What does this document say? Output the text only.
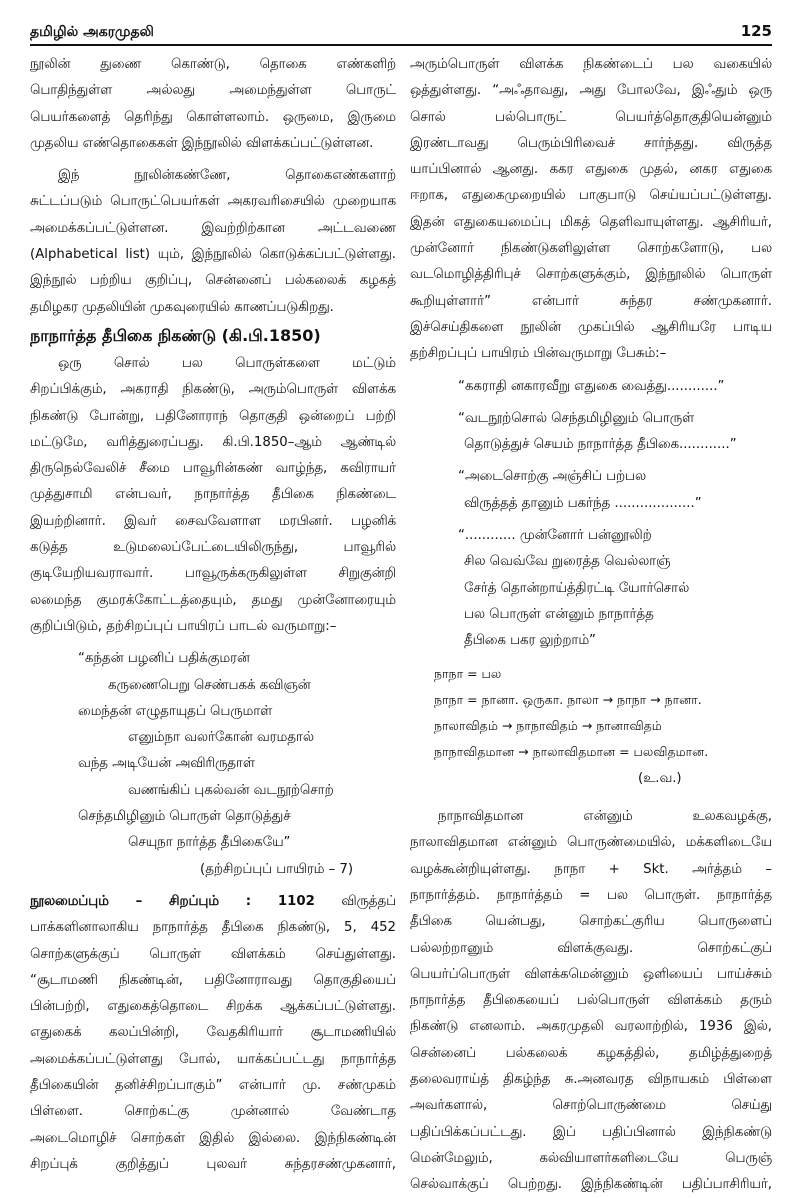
தமிழில் அகரமுதலி	125

நூலின் துணை கொண்டு, தொகை எண்களிற்

பொதிந்துள்ள அல்லது அமைந்துள்ள பொருட்

பெயர்களைத் தெரிந்து கொள்ளலாம். ஒருமை, இருமை

முதலிய எண்தொகைகள் இந்நூலில் விளக்கப்பட்டுள்ளன.

இந் நூலின்கண்ணே, தொகைஎண்களாற்

சுட்டப்படும் பொருட்பெயர்கள் அகரவரிசையில் முறையாக

அமைக்கப்பட்டுள்ளன. இவற்றிற்கான அட்டவணை

(Alphabetical list) யும், இந்நூலில் கொடுக்கப்பட்டுள்ளது.

இந்நூல் பற்றிய குறிப்பு, சென்னைப் பல்கலைக் கழகத்

தமிழகர முதலியின் முகவுரையில் காணப்படுகிறது.

நாநார்த்த தீபிகை நிகண்டு (கி.பி.1850)

ஒரு சொல் பல பொருள்களை மட்டும்

சிறப்பிக்கும், அகராதி நிகண்டு, அரும்பொருள் விளக்க

நிகண்டு போன்று, பதினோராந் தொகுதி ஒன்றைப் பற்றி

மட்டுமே, வரித்துரைப்பது. கி.பி.1850–ஆம் ஆண்டில்

திருநெல்வேலிச் சீமை பாவூரின்கண் வாழ்ந்த, கவிராயர்

முத்துசாமி என்பவர், நாநார்த்த தீபிகை நிகண்டை

இயற்றினார். இவர் சைவவேளாள மரபினர். பழனிக்

கடுத்த உடுமலைப்பேட்டையிலிருந்து, பாவூரில்

குடியேறியவராவார். பாவூருக்கருகிலுள்ள சிறுகுன்றி

லமைந்த குமரக்கோட்டத்தையும், தமது முன்னோரையும்

குறிப்பிடும், தற்சிறப்புப் பாயிரப் பாடல் வருமாறு:–

“கந்தன் பழனிப் பதிக்குமரன்

கருணைபெறு செண்பகக் கவிஞன்

மைந்தன் எழுதாயுதப் பெருமாள்

எனும்நா வலர்கோன் வரமதால்

வந்த அடியேன் அவிரிருதாள்

வணங்கிப் புகல்வன் வடநூற்சொற்

செந்தமிழினும் பொருள் தொடுத்துச்

செயுநா நார்த்த தீபிகையே”

(தற்சிறப்புப் பாயிரம் – 7)

நூலமைப்பும் – சிறப்பும் : 1102 விருத்தப்

பாக்களினாலாகிய நாநார்த்த தீபிகை நிகண்டு, 5, 452

சொற்களுக்குப் பொருள் விளக்கம் செய்துள்ளது.

“சூடாமணி நிகண்டின், பதினோராவது தொகுதியைப்

பின்பற்றி, எதுகைத்தொடை சிறக்க ஆக்கப்பட்டுள்ளது.

எதுகைக் கலப்பின்றி, வேதகிரியார் சூடாமணியில்

அமைக்கப்பட்டுள்ளது போல், யாக்கப்பட்டது நாநார்த்த

தீபிகையின் தனிச்சிறப்பாகும்” என்பார் மு. சண்முகம்

பிள்ளை. சொற்கட்கு முன்னால் வேண்டாத

அடைமொழிச் சொற்கள் இதில் இல்லை. இந்நிகண்டின்

சிறப்புக் குறித்துப் புலவர் சுந்தரசண்முகனார்,

அரும்பொருள் விளக்க நிகண்டைப் பல வகையில்

ஒத்துள்ளது. “அஃதாவது, அது போலவே, இஃதும் ஒரு

சொல் பல்பொருட் பெயர்த்தொகுதியென்னும்

இரண்டாவது பெரும்பிரிவைச் சார்ந்தது. விருத்த

யாப்பினால் ஆனது. ககர எதுகை முதல், னகர எதுகை

ஈறாக, எதுகைமுறையில் பாகுபாடு செய்யப்பட்டுள்ளது.

இதன் எதுகையமைப்பு மிகத் தெளிவாயுள்ளது. ஆசிரியர்,

முன்னோர் நிகண்டுகளிலுள்ள சொற்களோடு, பல

வடமொழித்திரிபுச் சொற்களுக்கும், இந்நூலில் பொருள்

கூறியுள்ளார்” என்பார் சுந்தர சண்முகனார்.

இச்செய்திகளை நூலின் முகப்பில் ஆசிரியரே பாடிய

தற்சிறப்புப் பாயிரம் பின்வருமாறு பேசும்:–

“ககராதி னகாரவீறு எதுகை வைத்து............”

“வடநூற்சொல் செந்தமிழினும் பொருள்

தொடுத்துச் செயம் நாநார்த்த தீபிகை............”

“அடைசொற்கு அஞ்சிப் பற்பல

விருத்தத் தானும் பகர்ந்த ...................”

“............ முன்னோர் பன்னூலிற்

சில வெவ்வே றுரைத்த வெல்லாஞ்

சேர்த் தொன்றாய்த்திரட்டி யோர்சொல்

பல பொருள் என்னும் நாநார்த்த

தீபிகை பகர லுற்றாம்”

நாநா = பல

நாநா = நானா. ஒருகா. நாலா → நாநா → நானா.

நாலாவிதம் → நாநாவிதம் → நானாவிதம்

நாநாவிதமான → நாலாவிதமான = பலவிதமான.

(உ.வ.)

நாநாவிதமான என்னும் உலகவழக்கு,

நாலாவிதமான என்னும் பொருண்மையில், மக்களிடையே

வழக்கூன்றியுள்ளது. நாநா + Skt. அர்த்தம் –

நாநார்த்தம். நாநார்த்தம் = பல பொருள். நாநார்த்த

தீபிகை யென்பது, சொற்கட்குரிய பொருளைப்

பல்லற்றானும் விளக்குவது. சொற்கட்குப்

பெயர்ப்பொருள் விளக்கமென்னும் ஒளியைப் பாய்ச்சும்

நாநார்த்த தீபிகையைப் பல்பொருள் விளக்கம் தரும்

நிகண்டு எனலாம். அகரமுதலி வரலாற்றில், 1936 இல்,

சென்னைப் பல்கலைக் கழகத்தில், தமிழ்த்துறைத்

தலைவராய்த் திகழ்ந்த சு.அனவரத விநாயகம் பிள்ளை

அவர்களால், சொற்பொருண்மை செய்து

பதிப்பிக்கப்பட்டது. இப் பதிப்பினால் இந்நிகண்டு

மென்மேலும், கல்வியாளர்களிடையே பெருஞ்

செல்வாக்குப் பெற்றது. இந்நிகண்டின் பதிப்பாசிரியர்,
